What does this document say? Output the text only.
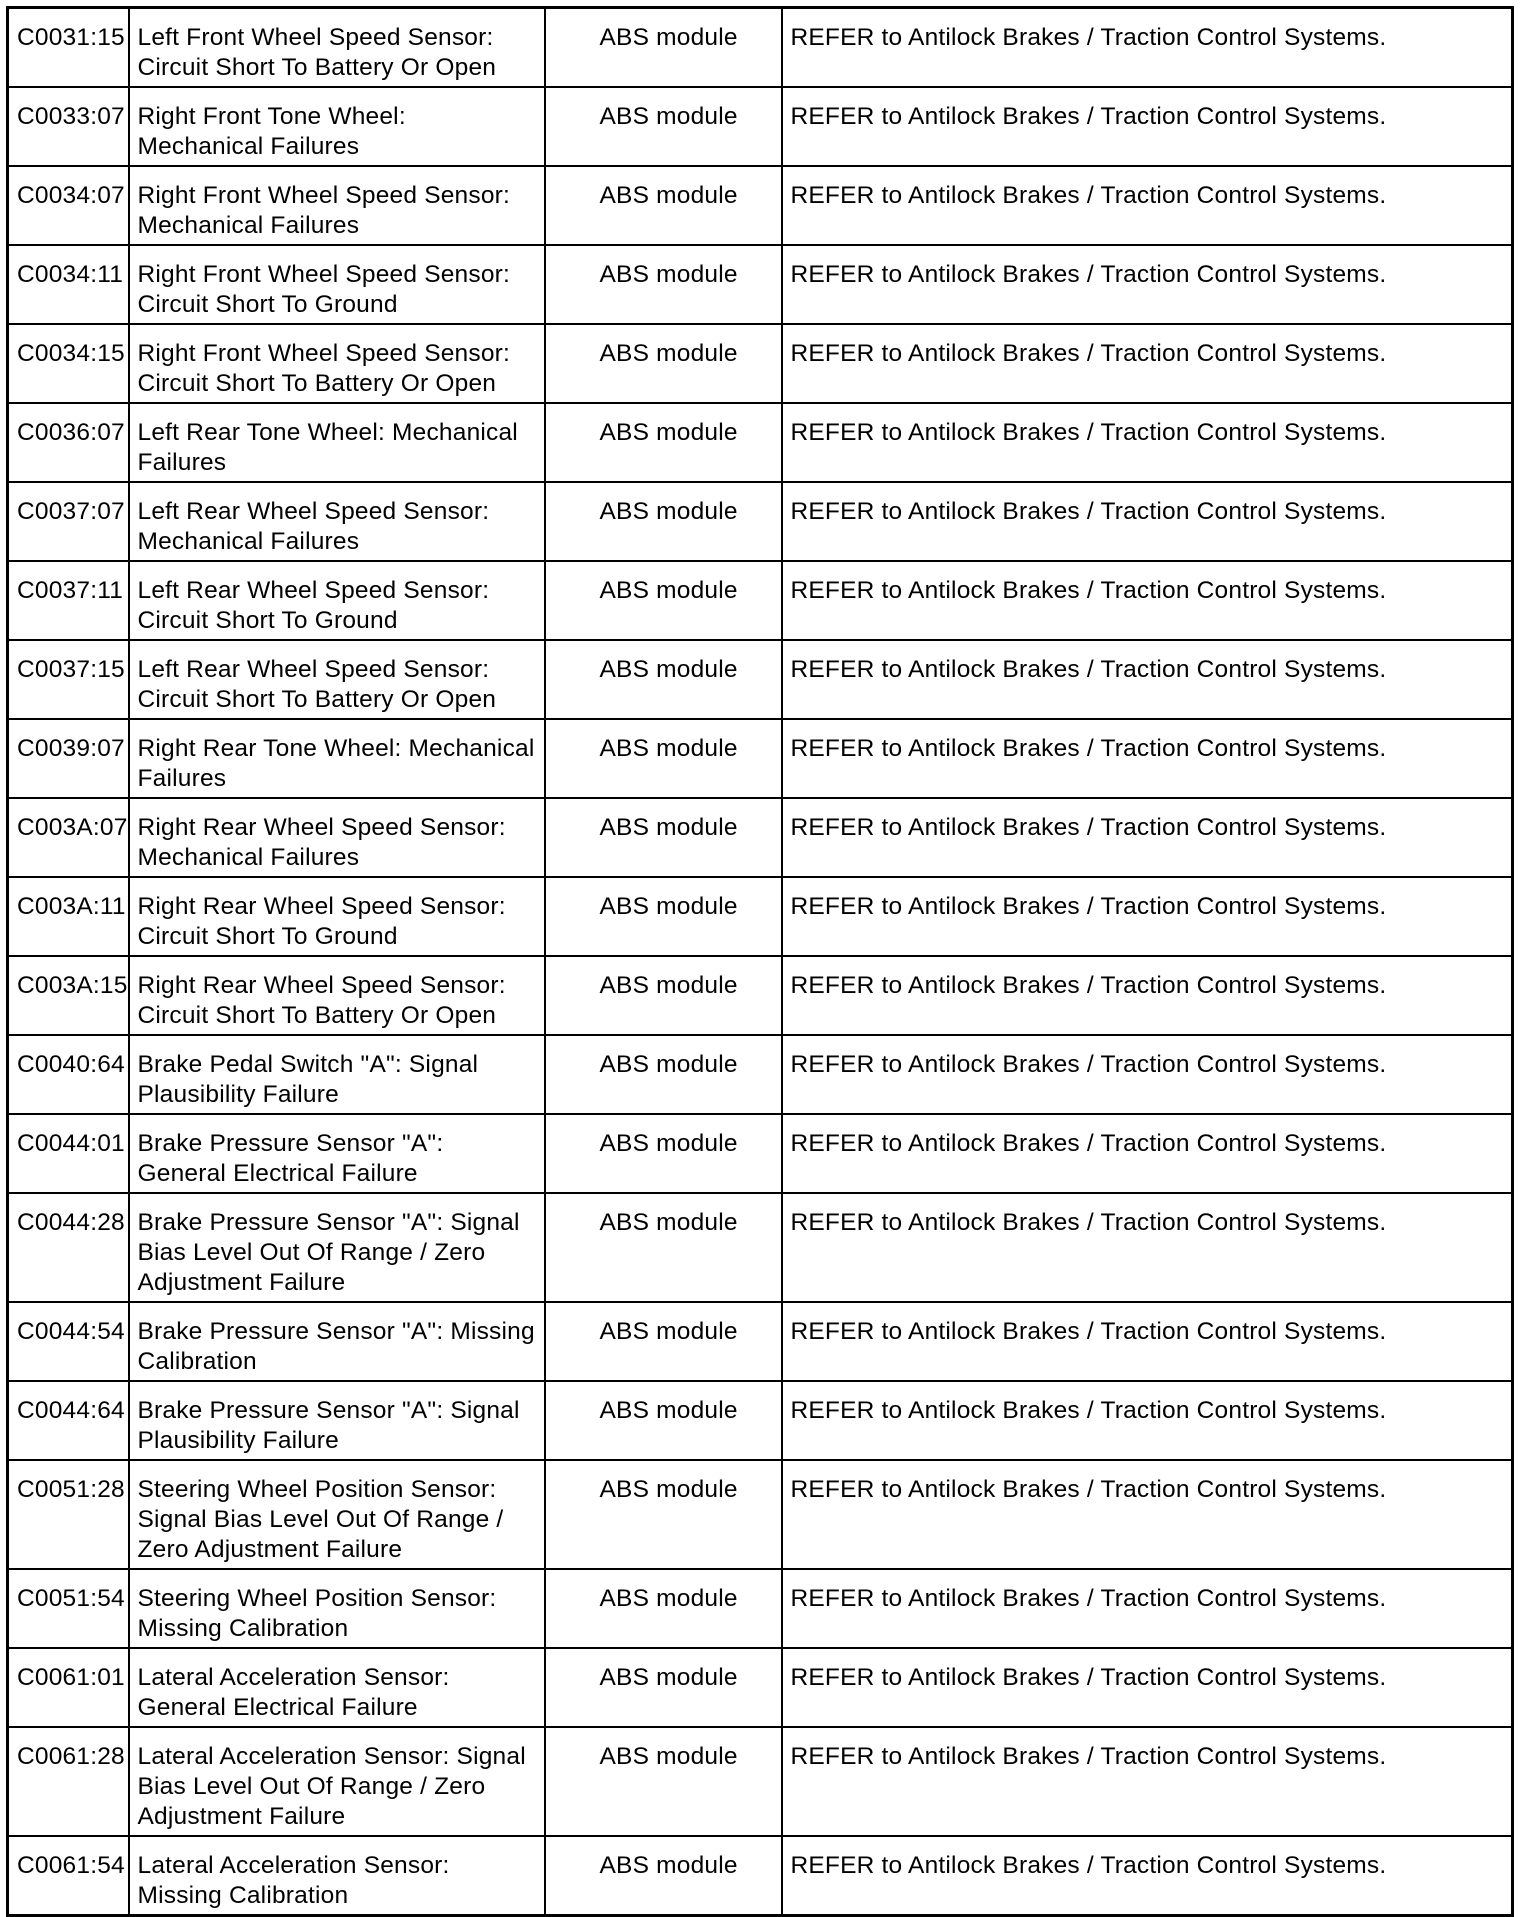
C0031:15	Left Front Wheel Speed Sensor: Circuit Short To Battery Or Open	ABS module	REFER to Antilock Brakes / Traction Control Systems.
C0033:07	Right Front Tone Wheel: Mechanical Failures	ABS module	REFER to Antilock Brakes / Traction Control Systems.
C0034:07	Right Front Wheel Speed Sensor: Mechanical Failures	ABS module	REFER to Antilock Brakes / Traction Control Systems.
C0034:11	Right Front Wheel Speed Sensor: Circuit Short To Ground	ABS module	REFER to Antilock Brakes / Traction Control Systems.
C0034:15	Right Front Wheel Speed Sensor: Circuit Short To Battery Or Open	ABS module	REFER to Antilock Brakes / Traction Control Systems.
C0036:07	Left Rear Tone Wheel: Mechanical Failures	ABS module	REFER to Antilock Brakes / Traction Control Systems.
C0037:07	Left Rear Wheel Speed Sensor: Mechanical Failures	ABS module	REFER to Antilock Brakes / Traction Control Systems.
C0037:11	Left Rear Wheel Speed Sensor: Circuit Short To Ground	ABS module	REFER to Antilock Brakes / Traction Control Systems.
C0037:15	Left Rear Wheel Speed Sensor: Circuit Short To Battery Or Open	ABS module	REFER to Antilock Brakes / Traction Control Systems.
C0039:07	Right Rear Tone Wheel: Mechanical Failures	ABS module	REFER to Antilock Brakes / Traction Control Systems.
C003A:07	Right Rear Wheel Speed Sensor: Mechanical Failures	ABS module	REFER to Antilock Brakes / Traction Control Systems.
C003A:11	Right Rear Wheel Speed Sensor: Circuit Short To Ground	ABS module	REFER to Antilock Brakes / Traction Control Systems.
C003A:15	Right Rear Wheel Speed Sensor: Circuit Short To Battery Or Open	ABS module	REFER to Antilock Brakes / Traction Control Systems.
C0040:64	Brake Pedal Switch "A": Signal Plausibility Failure	ABS module	REFER to Antilock Brakes / Traction Control Systems.
C0044:01	Brake Pressure Sensor "A": General Electrical Failure	ABS module	REFER to Antilock Brakes / Traction Control Systems.
C0044:28	Brake Pressure Sensor "A": Signal Bias Level Out Of Range / Zero Adjustment Failure	ABS module	REFER to Antilock Brakes / Traction Control Systems.
C0044:54	Brake Pressure Sensor "A": Missing Calibration	ABS module	REFER to Antilock Brakes / Traction Control Systems.
C0044:64	Brake Pressure Sensor "A": Signal Plausibility Failure	ABS module	REFER to Antilock Brakes / Traction Control Systems.
C0051:28	Steering Wheel Position Sensor: Signal Bias Level Out Of Range / Zero Adjustment Failure	ABS module	REFER to Antilock Brakes / Traction Control Systems.
C0051:54	Steering Wheel Position Sensor: Missing Calibration	ABS module	REFER to Antilock Brakes / Traction Control Systems.
C0061:01	Lateral Acceleration Sensor: General Electrical Failure	ABS module	REFER to Antilock Brakes / Traction Control Systems.
C0061:28	Lateral Acceleration Sensor: Signal Bias Level Out Of Range / Zero Adjustment Failure	ABS module	REFER to Antilock Brakes / Traction Control Systems.
C0061:54	Lateral Acceleration Sensor: Missing Calibration	ABS module	REFER to Antilock Brakes / Traction Control Systems.
